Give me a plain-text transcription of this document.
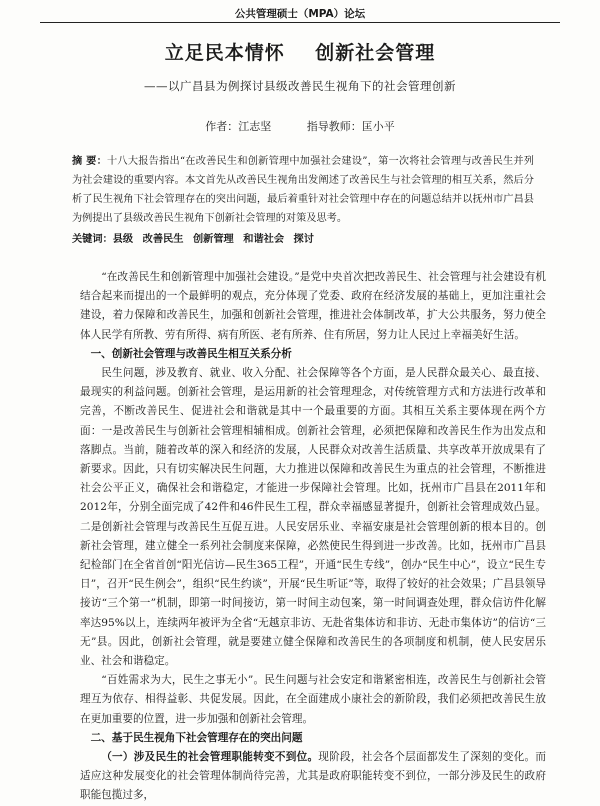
公共管理硕士（MPA）论坛
立足民本情怀    创新社会管理
——以广昌县为例探讨县级改善民生视角下的社会管理创新
作者：江志坚	指导教师：匡小平
摘 要：十八大报告指出“在改善民生和创新管理中加强社会建设”，第一次将社会管理与改善民生并列为社会建设的重要内容。本文首先从改善民生视角出发阐述了改善民生与社会管理的相互关系，然后分析了民生视角下社会管理存在的突出问题，最后着重针对社会管理中存在的问题总结并以抚州市广昌县为例提出了县级改善民生视角下创新社会管理的对策及思考。
关键词：县级 改善民生 创新管理 和谐社会 探讨

“在改善民生和创新管理中加强社会建设。”是党中央首次把改善民生、社会管理与社会建设有机结合起来而提出的一个最鲜明的观点，充分体现了党委、政府在经济发展的基础上，更加注重社会建设，着力保障和改善民生，加强和创新社会管理，推进社会体制改革，扩大公共服务，努力使全体人民学有所教、劳有所得、病有所医、老有所养、住有所居，努力让人民过上幸福美好生活。

一、创新社会管理与改善民生相互关系分析

民生问题，涉及教育、就业、收入分配、社会保障等各个方面，是人民群众最关心、最直接、最现实的利益问题。创新社会管理，是运用新的社会管理理念，对传统管理方式和方法进行改革和完善，不断改善民生、促进社会和谐就是其中一个最重要的方面。其相互关系主要体现在两个方面：一是改善民生与创新社会管理相辅相成。创新社会管理，必须把保障和改善民生作为出发点和落脚点。当前，随着改革的深入和经济的发展，人民群众对改善生活质量、共享改革开放成果有了新要求。因此，只有切实解决民生问题，大力推进以保障和改善民生为重点的社会管理，不断推进社会公平正义，确保社会和谐稳定，才能进一步保障社会管理。比如，抚州市广昌县在2011年和2012年，分别全面完成了42件和46件民生工程，群众幸福感显著提升，创新社会管理成效凸显。二是创新社会管理与改善民生互促互进。人民安居乐业、幸福安康是社会管理创新的根本目的。创新社会管理，建立健全一系列社会制度来保障，必然使民生得到进一步改善。比如，抚州市广昌县纪检部门在全省首创“阳光信访—民生365工程”，开通“民生专线”，创办“民生中心”，设立“民生专日”，召开“民生例会”，组织“民生约谈”，开展“民生听证”等，取得了较好的社会效果；广昌县领导接访“三个第一”机制，即第一时间接访，第一时间主动包案，第一时间调查处理，群众信访件化解率达95%以上，连续两年被评为全省“无越京非访、无赴省集体访和非访、无赴市集体访”的信访“三无”县。因此，创新社会管理，就是要建立健全保障和改善民生的各项制度和机制，使人民安居乐业、社会和谐稳定。

“百姓需求为大，民生之事无小”。民生问题与社会安定和谐紧密相连，改善民生与创新社会管理互为依存、相得益彰、共促发展。因此，在全面建成小康社会的新阶段，我们必须把改善民生放在更加重要的位置，进一步加强和创新社会管理。

二、基于民生视角下社会管理存在的突出问题

（一）涉及民生的社会管理职能转变不到位。现阶段，社会各个层面都发生了深刻的变化。而适应这种发展变化的社会管理体制尚待完善，尤其是政府职能转变不到位，一部分涉及民生的政府职能包揽过多，
